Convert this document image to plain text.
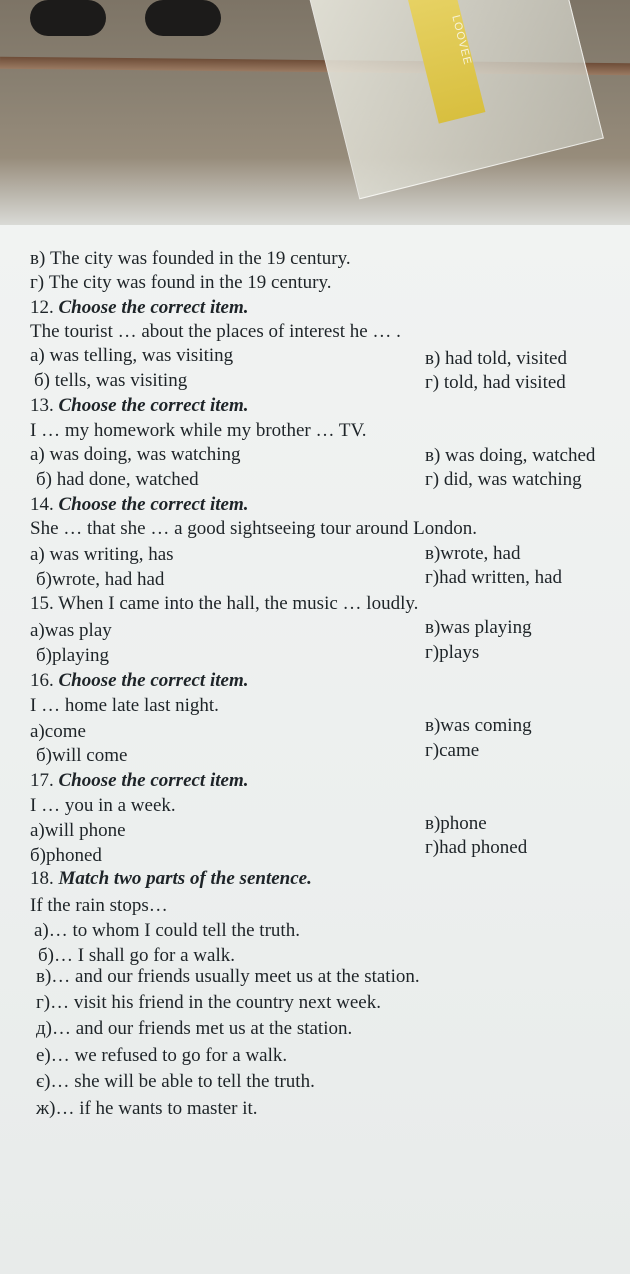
LOOVEE
в) The city was founded in the 19 century.
г) The city was found in the 19 century.
12. Choose the correct item.
The tourist … about the places of interest he … .
а) was telling, was visiting	в) had told, visited
б) tells, was visiting	г) told, had visited
13. Choose the correct item.
I … my homework while my brother … TV.
а) was doing, was watching	в) was doing, watched
б) had done, watched	г) did, was watching
14. Choose the correct item.
She … that she … a good sightseeing tour around London.
а) was writing, has	в)wrote, had
б)wrote, had had	г)had written, had
15. When I came into the hall, the music … loudly.
а)was play	в)was playing
б)playing	г)plays
16. Choose the correct item.
I … home late last night.
а)come	в)was coming
б)will come	г)came
17. Choose the correct item.
I … you in a week.
а)will phone	в)phone
б)phoned	г)had phoned
18. Match two parts of the sentence.
If the rain stops…
а)… to whom I could tell the truth.
б)… I shall go for a walk.
в)… and our friends usually meet us at the station.
г)… visit his friend in the country next week.
д)… and our friends met us at the station.
е)… we refused to go for a walk.
є)… she will be able to tell the truth.
ж)… if he wants to master it.
